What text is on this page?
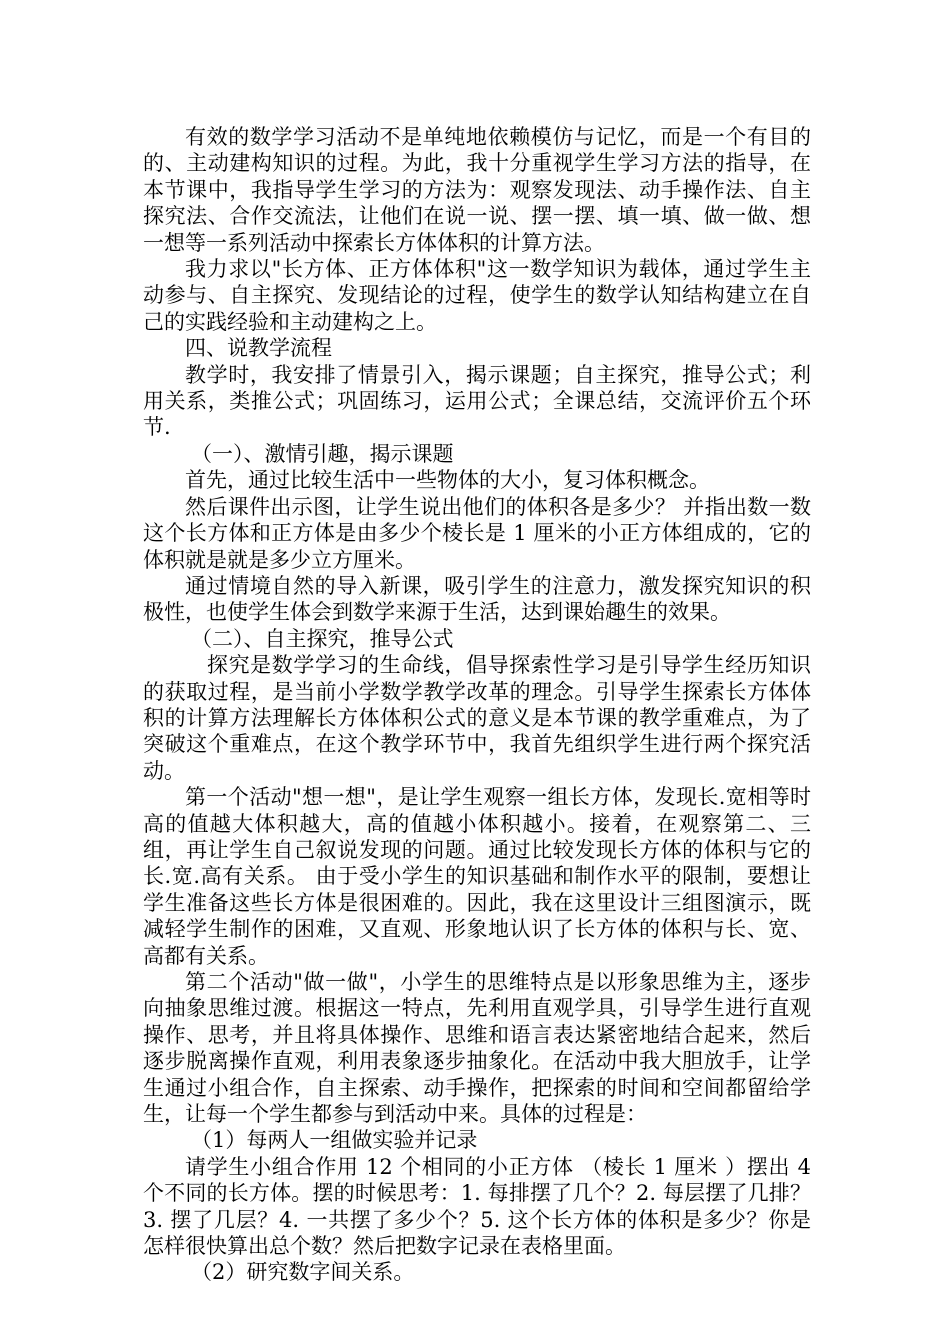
有效的数学学习活动不是单纯地依赖模仿与记忆，而是一个有目的的、主动建构知识的过程。为此，我十分重视学生学习方法的指导，在本节课中，我指导学生学习的方法为：观察发现法、动手操作法、自主探究法、合作交流法，让他们在说一说、摆一摆、填一填、做一做、想一想等一系列活动中探索长方体体积的计算方法。

我力求以"长方体、正方体体积"这一数学知识为载体，通过学生主动参与、自主探究、发现结论的过程，使学生的数学认知结构建立在自己的实践经验和主动建构之上。

四、说教学流程

教学时，我安排了情景引入，揭示课题；自主探究，推导公式；利用关系，类推公式；巩固练习，运用公式；全课总结，交流评价五个环节.

（一）、激情引趣，揭示课题

首先，通过比较生活中一些物体的大小，复习体积概念。

然后课件出示图，让学生说出他们的体积各是多少？ 并指出数一数这个长方体和正方体是由多少个棱长是 1 厘米的小正方体组成的，它的体积就是就是多少立方厘米。

通过情境自然的导入新课，吸引学生的注意力，激发探究知识的积极性，也使学生体会到数学来源于生活，达到课始趣生的效果。

（二）、自主探究，推导公式

探究是数学学习的生命线，倡导探索性学习是引导学生经历知识的获取过程，是当前小学数学教学改革的理念。引导学生探索长方体体积的计算方法理解长方体体积公式的意义是本节课的教学重难点，为了突破这个重难点，在这个教学环节中，我首先组织学生进行两个探究活动。

第一个活动"想一想"，是让学生观察一组长方体，发现长.宽相等时高的值越大体积越大，高的值越小体积越小。接着，在观察第二、三组，再让学生自己叙说发现的问题。通过比较发现长方体的体积与它的长.宽.高有关系。 由于受小学生的知识基础和制作水平的限制，要想让学生准备这些长方体是很困难的。因此，我在这里设计三组图演示，既减轻学生制作的困难，又直观、形象地认识了长方体的体积与长、宽、高都有关系。

第二个活动"做一做"，小学生的思维特点是以形象思维为主，逐步向抽象思维过渡。根据这一特点，先利用直观学具，引导学生进行直观操作、思考，并且将具体操作、思维和语言表达紧密地结合起来，然后逐步脱离操作直观，利用表象逐步抽象化。在活动中我大胆放手，让学生通过小组合作，自主探索、动手操作，把探索的时间和空间都留给学生，让每一个学生都参与到活动中来。具体的过程是：

（1）每两人一组做实验并记录

请学生小组合作用 12 个相同的小正方体 （棱长 1 厘米 ）摆出 4 个不同的长方体。摆的时候思考：1. 每排摆了几个？2. 每层摆了几排？3. 摆了几层？4. 一共摆了多少个？5. 这个长方体的体积是多少？你是怎样很快算出总个数？然后把数字记录在表格里面。

（2）研究数字间关系。
